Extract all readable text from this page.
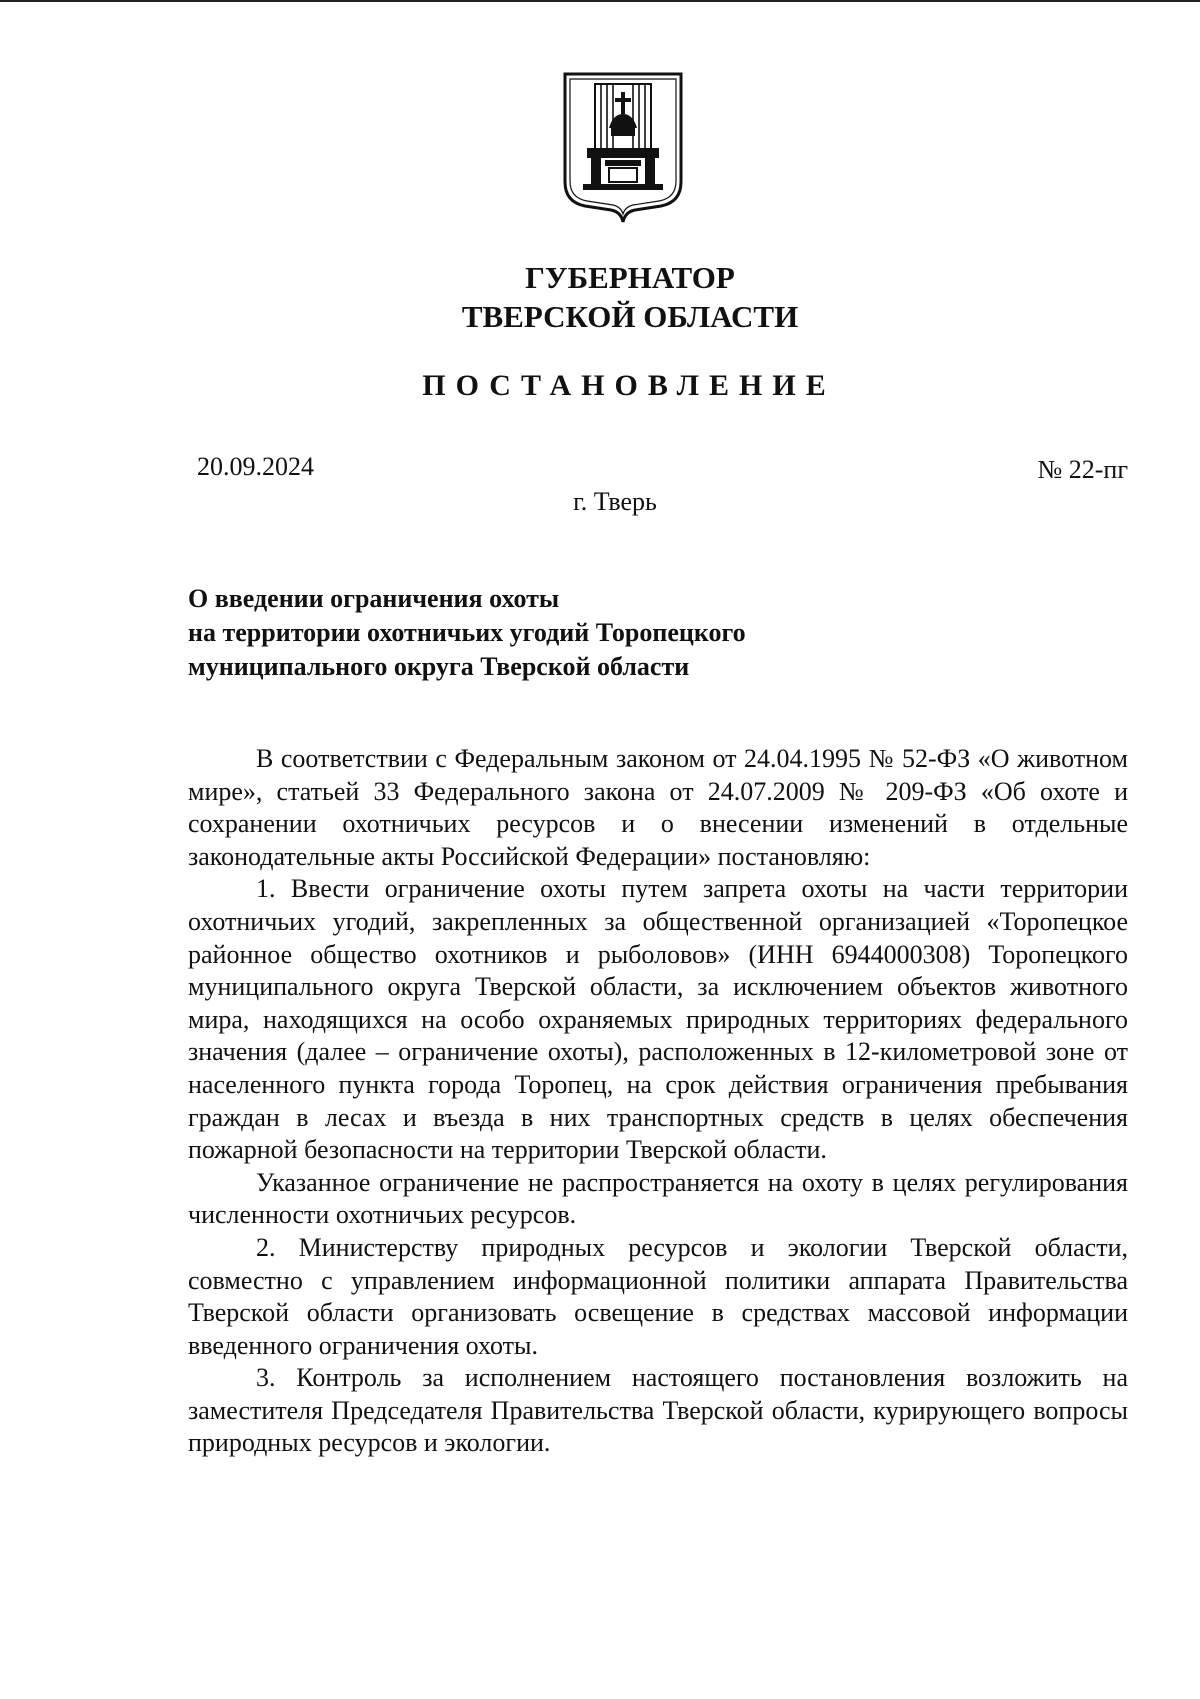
ГУБЕРНАТОР
ТВЕРСКОЙ ОБЛАСТИ
ПОСТАНОВЛЕНИЕ
20.09.2024	№ 22-пг
г. Тверь
О введении ограничения охоты
на территории охотничьих угодий Торопецкого
муниципального округа Тверской области

В соответствии с Федеральным законом от 24.04.1995 № 52-ФЗ «О животном мире», статьей 33 Федерального закона от 24.07.2009 № 209-ФЗ «Об охоте и сохранении охотничьих ресурсов и о внесении изменений в отдельные законодательные акты Российской Федерации» постановляю:

1. Ввести ограничение охоты путем запрета охоты на части территории охотничьих угодий, закрепленных за общественной организацией «Торопецкое районное общество охотников и рыболовов» (ИНН 6944000308) Торопецкого муниципального округа Тверской области, за исключением объектов животного мира, находящихся на особо охраняемых природных территориях федерального значения (далее – ограничение охоты), расположенных в 12-километровой зоне от населенного пункта города Торопец, на срок действия ограничения пребывания граждан в лесах и въезда в них транспортных средств в целях обеспечения пожарной безопасности на территории Тверской области.

Указанное ограничение не распространяется на охоту в целях регулирования численности охотничьих ресурсов.

2. Министерству природных ресурсов и экологии Тверской области, совместно с управлением информационной политики аппарата Правительства Тверской области организовать освещение в средствах массовой информации введенного ограничения охоты.

3. Контроль за исполнением настоящего постановления возложить на заместителя Председателя Правительства Тверской области, курирующего вопросы природных ресурсов и экологии.
